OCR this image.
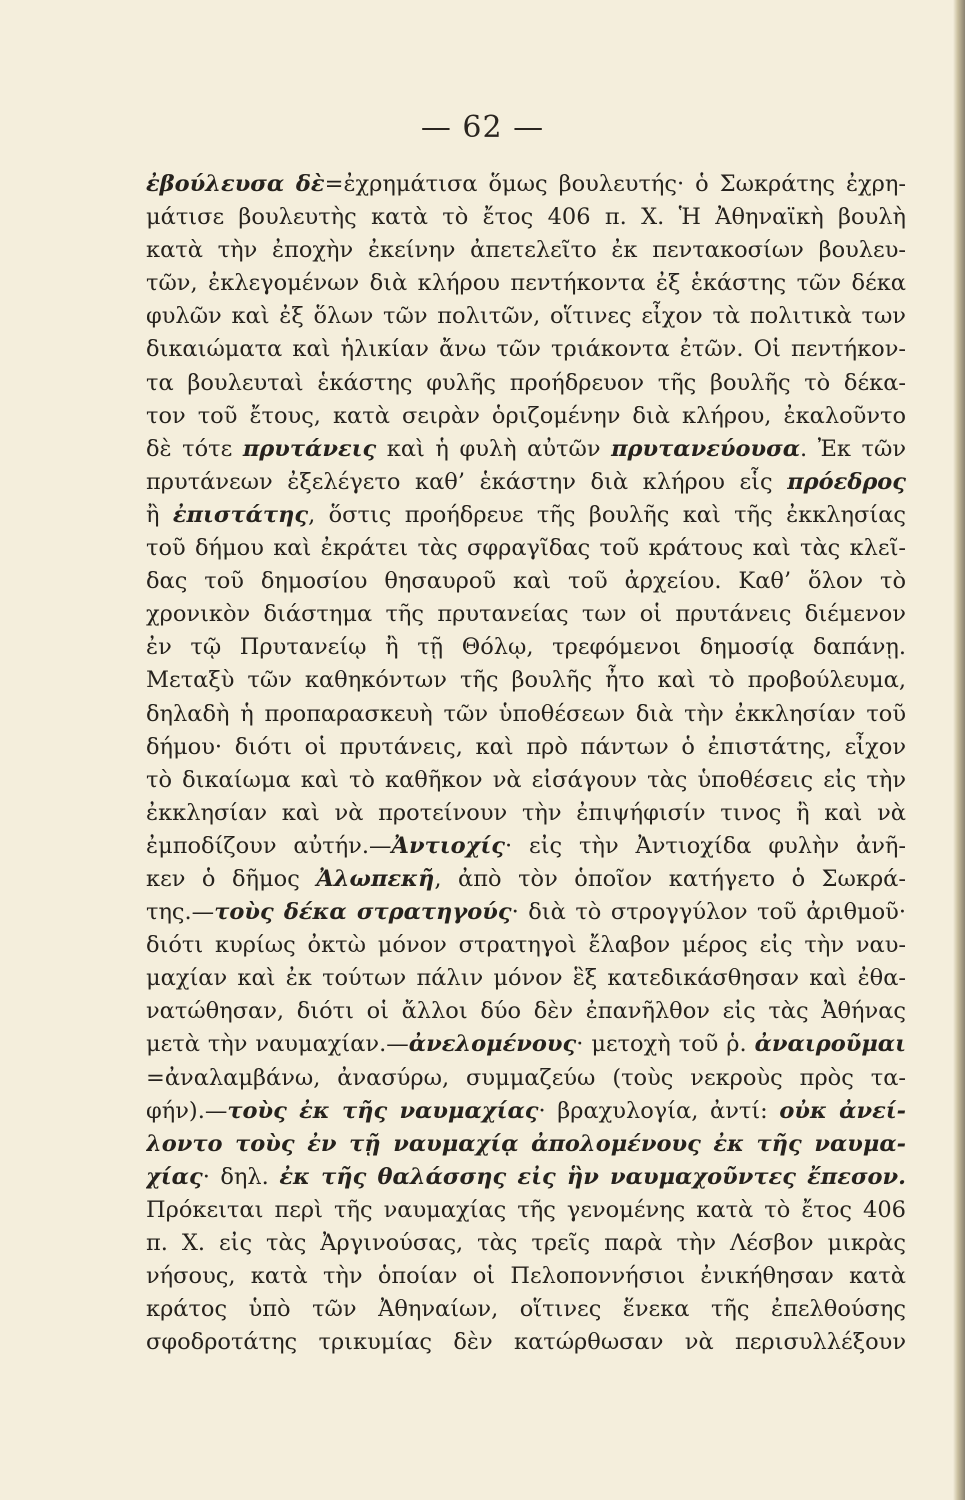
— 62 —
ἐβούλευσα δὲ=ἐχρημάτισα ὅμως βουλευτής· ὁ Σωκράτης ἐχρη-
μάτισε βουλευτὴς κατὰ τὸ ἔτος 406 π. Χ. Ἡ Ἀθηναϊκὴ βουλὴ
κατὰ τὴν ἐποχὴν ἐκείνην ἀπετελεῖτο ἐκ πεντακοσίων βουλευ-
τῶν, ἐκλεγομένων διὰ κλήρου πεντήκοντα ἐξ ἑκάστης τῶν δέκα
φυλῶν καὶ ἐξ ὅλων τῶν πολιτῶν, οἵτινες εἶχον τὰ πολιτικὰ των
δικαιώματα καὶ ἡλικίαν ἄνω τῶν τριάκοντα ἐτῶν. Οἱ πεντήκον-
τα βουλευταὶ ἑκάστης φυλῆς προήδρευον τῆς βουλῆς τὸ δέκα-
τον τοῦ ἔτους, κατὰ σειρὰν ὁριζομένην διὰ κλήρου, ἐκαλοῦντο
δὲ τότε πρυτάνεις καὶ ἡ φυλὴ αὐτῶν πρυτανεύουσα. Ἐκ τῶν
πρυτάνεων ἐξελέγετο καθ’ ἑκάστην διὰ κλήρου εἷς πρόεδρος
ἢ ἐπιστάτης, ὅστις προήδρευε τῆς βουλῆς καὶ τῆς ἐκκλησίας
τοῦ δήμου καὶ ἐκράτει τὰς σφραγῖδας τοῦ κράτους καὶ τὰς κλεῖ-
δας τοῦ δημοσίου θησαυροῦ καὶ τοῦ ἀρχείου. Καθ’ ὅλον τὸ
χρονικὸν διάστημα τῆς πρυτανείας των οἱ πρυτάνεις διέμενον
ἐν τῷ Πρυτανείῳ ἢ τῇ Θόλῳ, τρεφόμενοι δημοσίᾳ δαπάνῃ.
Μεταξὺ τῶν καθηκόντων τῆς βουλῆς ἦτο καὶ τὸ προβούλευμα,
δηλαδὴ ἡ προπαρασκευὴ τῶν ὑποθέσεων διὰ τὴν ἐκκλησίαν τοῦ
δήμου· διότι οἱ πρυτάνεις, καὶ πρὸ πάντων ὁ ἐπιστάτης, εἶχον
τὸ δικαίωμα καὶ τὸ καθῆκον νὰ εἰσάγουν τὰς ὑποθέσεις εἰς τὴν
ἐκκλησίαν καὶ νὰ προτείνουν τὴν ἐπιψήφισίν τινος ἢ καὶ νὰ
ἐμποδίζουν αὐτήν.—Ἀντιοχίς· εἰς τὴν Ἀντιοχίδα φυλὴν ἀνῆ-
κεν ὁ δῆμος Ἀλωπεκῆ, ἀπὸ τὸν ὁποῖον κατήγετο ὁ Σωκρά-
της.—τοὺς δέκα στρατηγούς· διὰ τὸ στρογγύλον τοῦ ἀριθμοῦ·
διότι κυρίως ὀκτὼ μόνον στρατηγοὶ ἔλαβον μέρος εἰς τὴν ναυ-
μαχίαν καὶ ἐκ τούτων πάλιν μόνον ἓξ κατεδικάσθησαν καὶ ἐθα-
νατώθησαν, διότι οἱ ἄλλοι δύο δὲν ἐπανῆλθον εἰς τὰς Ἀθήνας
μετὰ τὴν ναυμαχίαν.—ἀνελομένους· μετοχὴ τοῦ ῥ. ἀναιροῦμαι
=ἀναλαμβάνω, ἀνασύρω, συμμαζεύω (τοὺς νεκροὺς πρὸς τα-
φήν).—τοὺς ἐκ τῆς ναυμαχίας· βραχυλογία, ἀντί: οὐκ ἀνεί-
λοντο τοὺς ἐν τῇ ναυμαχίᾳ ἀπολομένους ἐκ τῆς ναυμα-
χίας· δηλ. ἐκ τῆς θαλάσσης εἰς ἣν ναυμαχοῦντες ἔπεσον.
Πρόκειται περὶ τῆς ναυμαχίας τῆς γενομένης κατὰ τὸ ἔτος 406
π. Χ. εἰς τὰς Ἀργινούσας, τὰς τρεῖς παρὰ τὴν Λέσβον μικρὰς
νήσους, κατὰ τὴν ὁποίαν οἱ Πελοποννήσιοι ἐνικήθησαν κατὰ
κράτος ὑπὸ τῶν Ἀθηναίων, οἵτινες ἕνεκα τῆς ἐπελθούσης
σφοδροτάτης τρικυμίας δὲν κατώρθωσαν νὰ περισυλλέξουν
